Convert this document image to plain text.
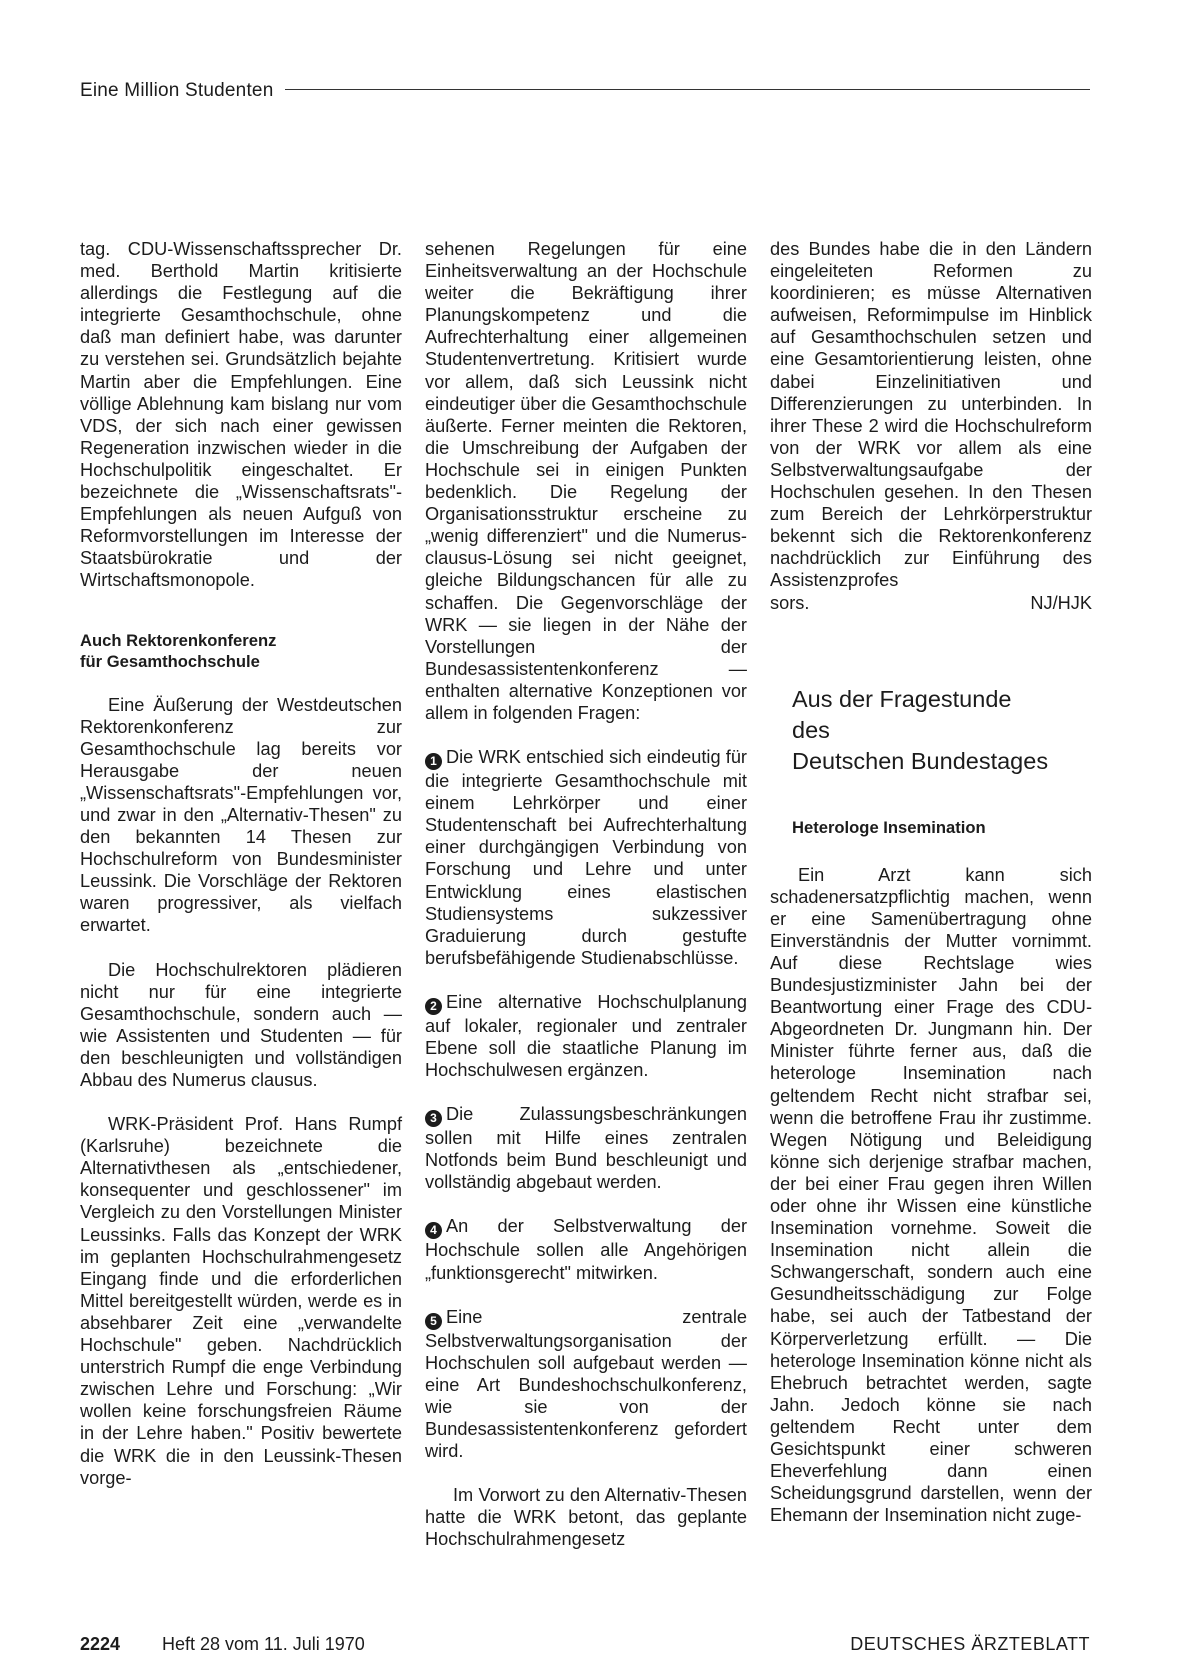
Eine Million Studenten

tag. CDU-Wissenschaftssprecher Dr. med. Berthold Martin kritisierte allerdings die Festlegung auf die integrierte Gesamthochschule, ohne daß man definiert habe, was darunter zu verstehen sei. Grundsätzlich bejahte Martin aber die Empfehlungen. Eine völlige Ablehnung kam bislang nur vom VDS, der sich nach einer gewissen Regeneration inzwischen wieder in die Hochschulpolitik eingeschaltet. Er bezeichnete die „Wissenschaftsrats"-Empfehlungen als neuen Aufguß von Reformvorstellungen im Interesse der Staatsbürokratie und der Wirtschaftsmonopole.

Auch Rektorenkonferenz

für Gesamthochschule

Eine Äußerung der Westdeutschen Rektorenkonferenz zur Gesamthochschule lag bereits vor Herausgabe der neuen „Wissenschaftsrats"-Empfehlungen vor, und zwar in den „Alternativ-Thesen" zu den bekannten 14 Thesen zur Hochschulreform von Bundesminister Leussink. Die Vorschläge der Rektoren waren progressiver, als vielfach erwartet.

Die Hochschulrektoren plädieren nicht nur für eine integrierte Gesamthochschule, sondern auch — wie Assistenten und Studenten — für den beschleunigten und vollständigen Abbau des Numerus clausus.

WRK-Präsident Prof. Hans Rumpf (Karlsruhe) bezeichnete die Alternativthesen als „entschiedener, konsequenter und geschlossener" im Vergleich zu den Vorstellungen Minister Leussinks. Falls das Konzept der WRK im geplanten Hochschulrahmengesetz Eingang finde und die erforderlichen Mittel bereitgestellt würden, werde es in absehbarer Zeit eine „verwandelte Hochschule" geben. Nachdrücklich unterstrich Rumpf die enge Verbindung zwischen Lehre und Forschung: „Wir wollen keine forschungsfreien Räume in der Lehre haben." Positiv bewertete die WRK die in den Leussink-Thesen vorge-

sehenen Regelungen für eine Einheitsverwaltung an der Hochschule weiter die Bekräftigung ihrer Planungskompetenz und die Aufrechterhaltung einer allgemeinen Studentenvertretung. Kritisiert wurde vor allem, daß sich Leussink nicht eindeutiger über die Gesamthochschule äußerte. Ferner meinten die Rektoren, die Umschreibung der Aufgaben der Hochschule sei in einigen Punkten bedenklich. Die Regelung der Organisationsstruktur erscheine zu „wenig differenziert" und die Numerus-clausus-Lösung sei nicht geeignet, gleiche Bildungschancen für alle zu schaffen. Die Gegenvorschläge der WRK — sie liegen in der Nähe der Vorstellungen der Bundesassistentenkonferenz — enthalten alternative Konzeptionen vor allem in folgenden Fragen:

1 Die WRK entschied sich eindeutig für die integrierte Gesamthochschule mit einem Lehrkörper und einer Studentenschaft bei Aufrechterhaltung einer durchgängigen Verbindung von Forschung und Lehre und unter Entwicklung eines elastischen Studiensystems sukzessiver Graduierung durch gestufte berufsbefähigende Studienabschlüsse.

2 Eine alternative Hochschulplanung auf lokaler, regionaler und zentraler Ebene soll die staatliche Planung im Hochschulwesen ergänzen.

3 Die Zulassungsbeschränkungen sollen mit Hilfe eines zentralen Notfonds beim Bund beschleunigt und vollständig abgebaut werden.

4 An der Selbstverwaltung der Hochschule sollen alle Angehörigen „funktionsgerecht" mitwirken.

5 Eine zentrale Selbstverwaltungsorganisation der Hochschulen soll aufgebaut werden — eine Art Bundeshochschulkonferenz, wie sie von der Bundesassistentenkonferenz gefordert wird.

Im Vorwort zu den Alternativ-Thesen hatte die WRK betont, das geplante Hochschulrahmengesetz

des Bundes habe die in den Ländern eingeleiteten Reformen zu koordinieren; es müsse Alternativen aufweisen, Reformimpulse im Hinblick auf Gesamthochschulen setzen und eine Gesamtorientierung leisten, ohne dabei Einzelinitiativen und Differenzierungen zu unterbinden. In ihrer These 2 wird die Hochschulreform von der WRK vor allem als eine Selbstverwaltungsaufgabe der Hochschulen gesehen. In den Thesen zum Bereich der Lehrkörperstruktur bekennt sich die Rektorenkonferenz nachdrücklich zur Einführung des Assistenzprofes

sors.	NJ/HJK

Aus der Fragestunde
des
Deutschen Bundestages

Heterologe Insemination

Ein Arzt kann sich schadenersatzpflichtig machen, wenn er eine Samenübertragung ohne Einverständnis der Mutter vornimmt. Auf diese Rechtslage wies Bundesjustizminister Jahn bei der Beantwortung einer Frage des CDU-Abgeordneten Dr. Jungmann hin. Der Minister führte ferner aus, daß die heterologe Insemination nach geltendem Recht nicht strafbar sei, wenn die betroffene Frau ihr zustimme. Wegen Nötigung und Beleidigung könne sich derjenige strafbar machen, der bei einer Frau gegen ihren Willen oder ohne ihr Wissen eine künstliche Insemination vornehme. Soweit die Insemination nicht allein die Schwangerschaft, sondern auch eine Gesundheitsschädigung zur Folge habe, sei auch der Tatbestand der Körperverletzung erfüllt. — Die heterologe Insemination könne nicht als Ehebruch betrachtet werden, sagte Jahn. Jedoch könne sie nach geltendem Recht unter dem Gesichtspunkt einer schweren Eheverfehlung dann einen Scheidungsgrund darstellen, wenn der Ehemann der Insemination nicht zuge-

2224	Heft 28 vom 11. Juli 1970	DEUTSCHES ÄRZTEBLATT
